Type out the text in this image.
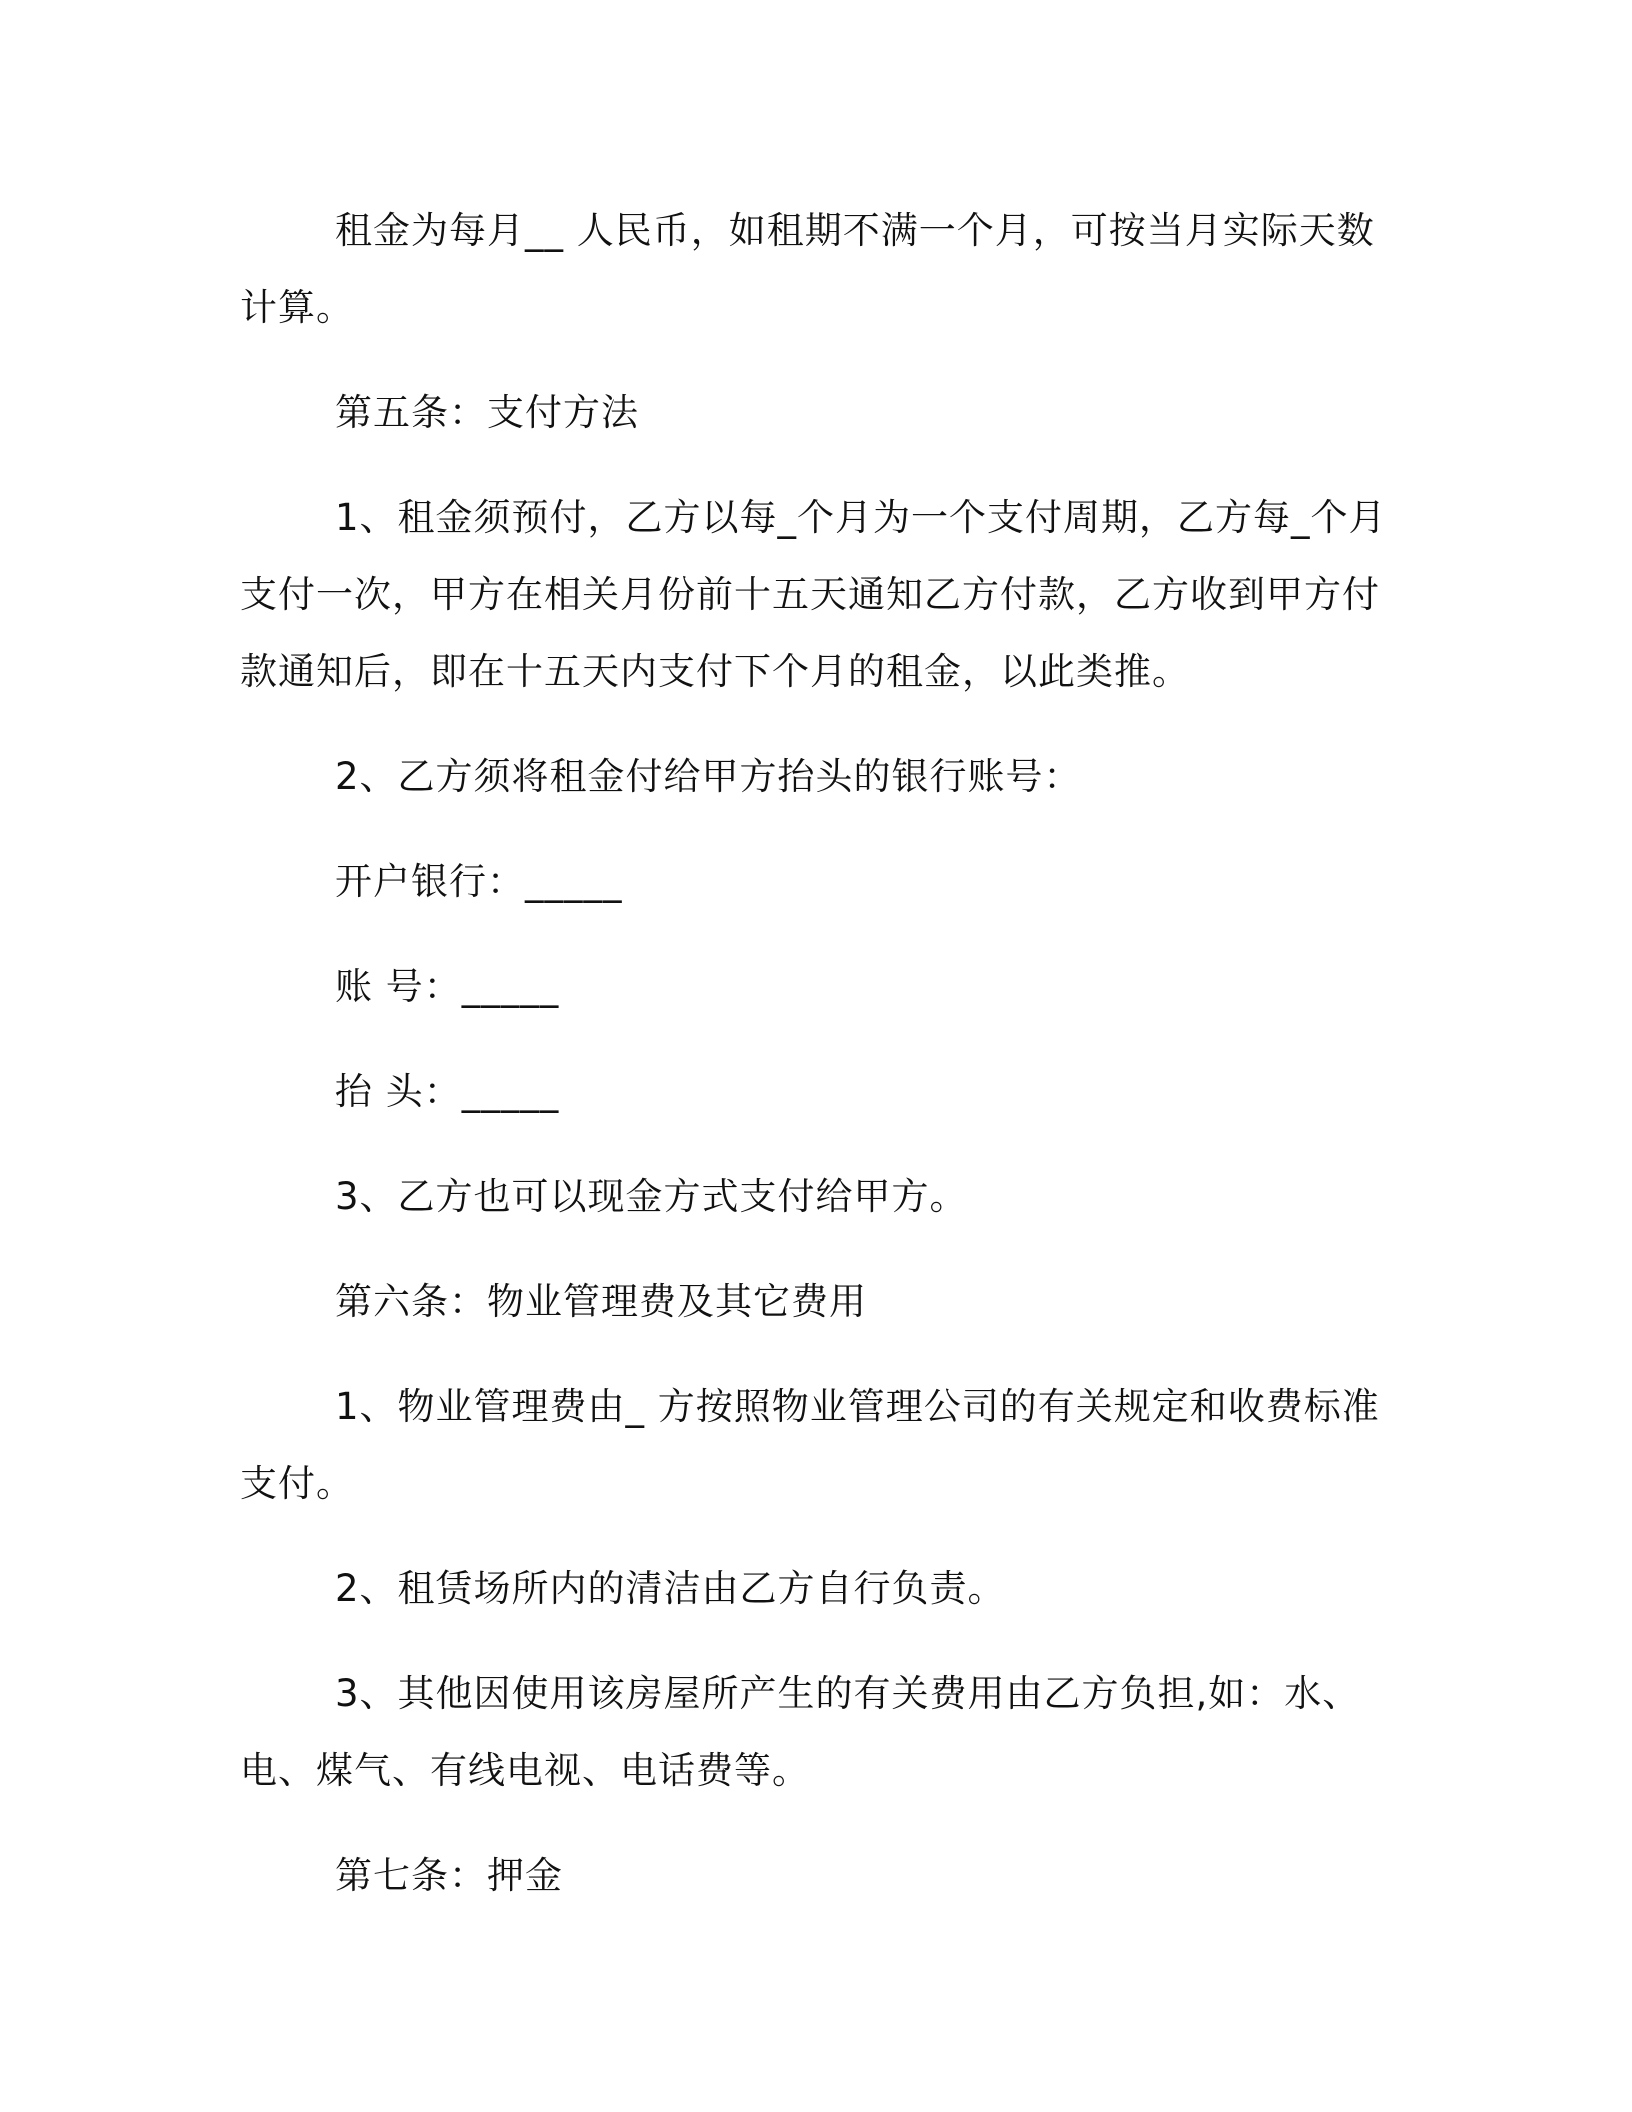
租金为每月__ 人民币，如租期不满一个月，可按当月实际天数计算。

第五条：支付方法

1、租金须预付，乙方以每_个月为一个支付周期，乙方每_个月支付一次，甲方在相关月份前十五天通知乙方付款，乙方收到甲方付款通知后，即在十五天内支付下个月的租金，以此类推。

2、乙方须将租金付给甲方抬头的银行账号：

开户银行：_____

账 号：_____

抬 头：_____

3、乙方也可以现金方式支付给甲方。

第六条：物业管理费及其它费用

1、物业管理费由_ 方按照物业管理公司的有关规定和收费标准支付。

2、租赁场所内的清洁由乙方自行负责。

3、其他因使用该房屋所产生的有关费用由乙方负担,如：水、电、煤气、有线电视、电话费等。

第七条：押金
